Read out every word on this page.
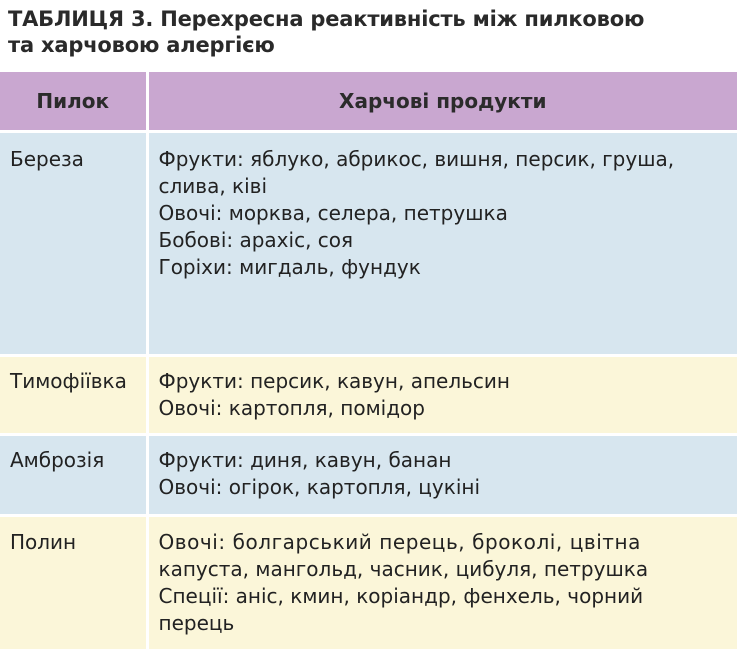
ТАБЛИЦЯ 3. Перехресна реактивність між пилковою
та харчовою алергією
Пилок	Харчові продукти
Береза	Фрукти: яблуко, абрикос, вишня, персик, груша,
слива, ківі
Овочі: морква, селера, петрушка
Бобові: арахіс, соя
Горіхи: мигдаль, фундук

Тимофіївка	Фрукти: персик, кавун, апельсин
Овочі: картопля, помідор

Амброзія	Фрукти: диня, кавун, банан
Овочі: огірок, картопля, цукіні

Полин	Овочі: болгарський перець, броколі, цвітна
капуста, мангольд, часник, цибуля, петрушка
Спеції: аніс, кмин, коріандр, фенхель, чорний
перець
